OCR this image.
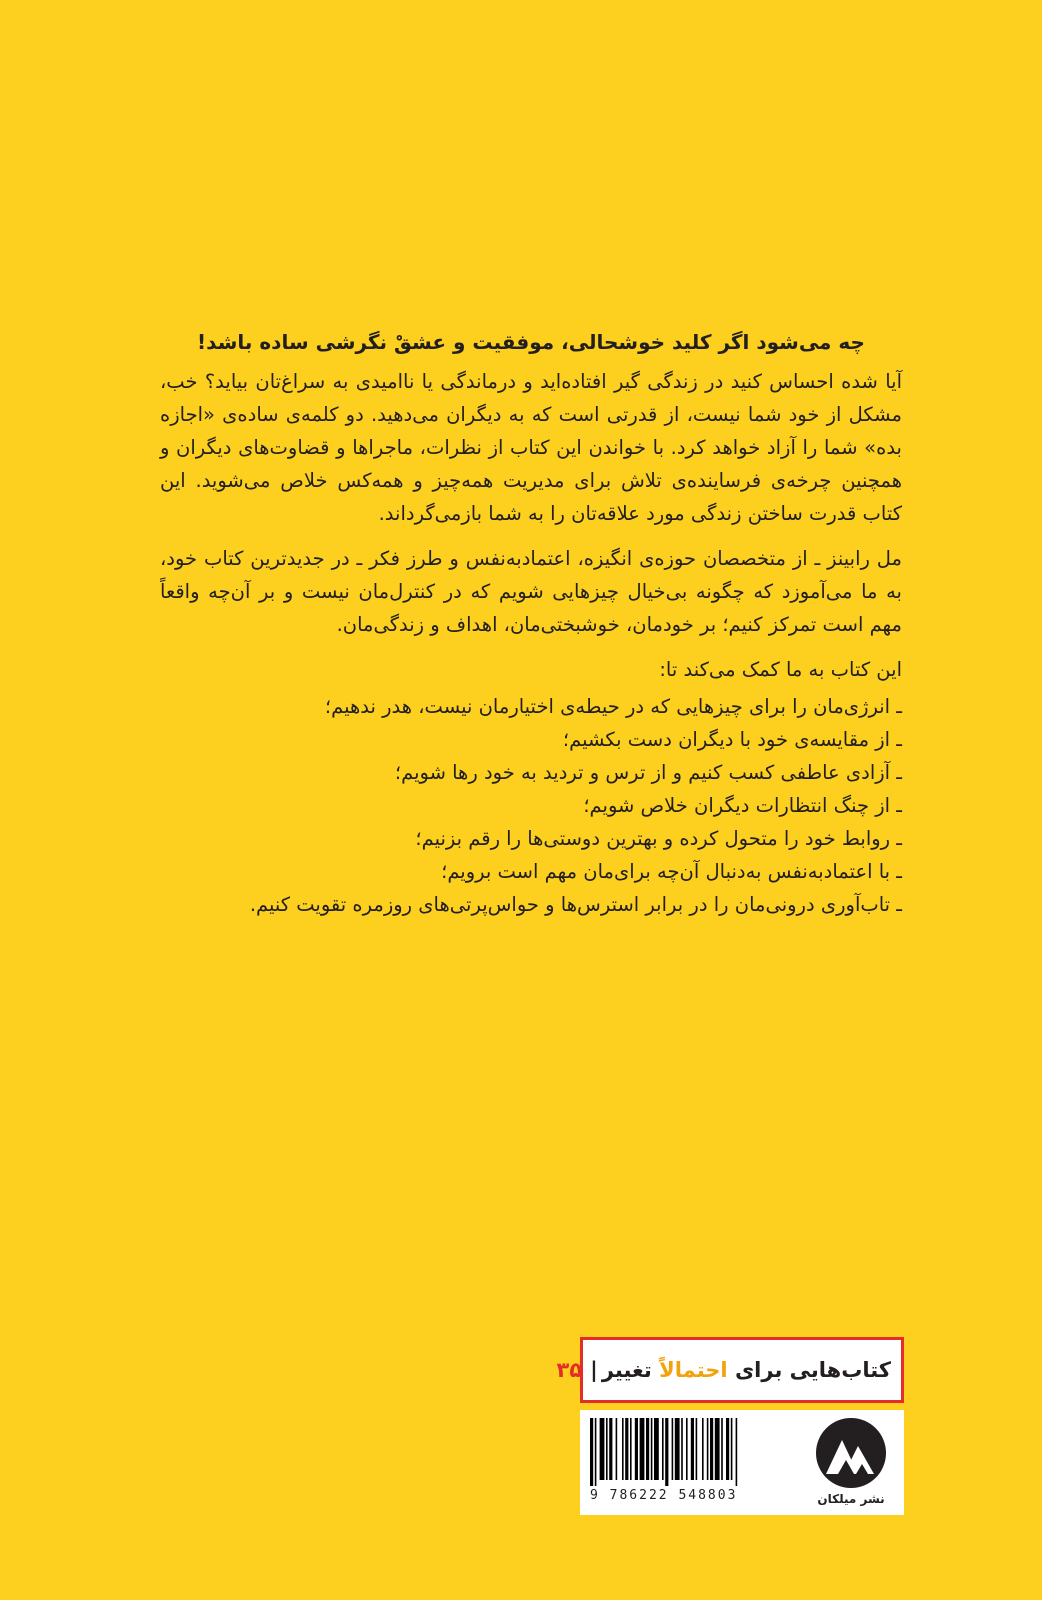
چه می‌شود اگر کلید خوشحالی، موفقیت و عشقْ نگرشی ساده باشد!

آیا شده احساس کنید در زندگی گیر افتاده‌اید و درماندگی یا ناامیدی به سراغ‌تان بیاید؟ خب، مشکل از خود شما نیست، از قدرتی است که به دیگران می‌دهید. دو کلمه‌ی ساده‌ی «اجازه بده» شما را آزاد خواهد کرد. با خواندن این کتاب از نظرات، ماجراها و قضاوت‌های دیگران و همچنین چرخه‌ی فرساینده‌ی تلاش برای مدیریت همه‌چیز و همه‌کس خلاص می‌شوید. این کتاب قدرت ساختن زندگی مورد علاقه‌تان را به شما بازمی‌گرداند.

مل رابینز ـ از متخصصان حوزه‌ی انگیزه، اعتمادبه‌نفس و طرز فکر ـ در جدیدترین کتاب خود، به ما می‌آموزد که چگونه بی‌خیال چیزهایی شویم که در کنترل‌مان نیست و بر آن‌چه واقعاً مهم است تمرکز کنیم؛ بر خودمان، خوشبختی‌مان، اهداف و زندگی‌مان.

این کتاب به ما کمک می‌کند تا:
ـ انرژی‌مان را برای چیزهایی که در حیطه‌ی اختیارمان نیست، هدر ندهیم؛
ـ از مقایسه‌ی خود با دیگران دست بکشیم؛
ـ آزادی عاطفی کسب کنیم و از ترس و تردید به خود رها شویم؛
ـ از چنگ انتظارات دیگران خلاص شویم؛
ـ روابط خود را متحول کرده و بهترین دوستی‌ها را رقم بزنیم؛
ـ با اعتمادبه‌نفس به‌دنبال آن‌چه برای‌مان مهم است برویم؛
ـ تاب‌آوری درونی‌مان را در برابر استرس‌ها و حواس‌پرتی‌های روزمره تقویت کنیم.
کتاب‌هایی برای

احتمالاً

تغییر
|
۳۵
9 786222 548803	نشر میلکان
